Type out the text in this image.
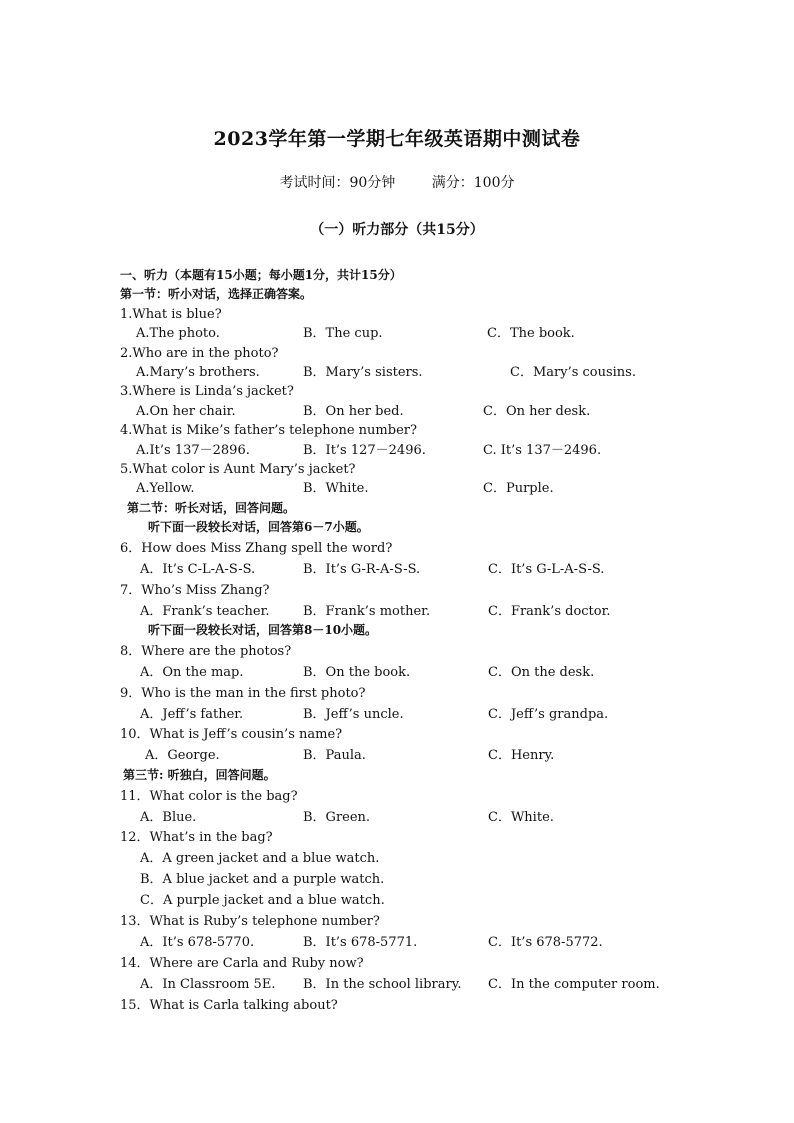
2023学年第一学期七年级英语期中测试卷
考试时间：90分钟	满分：100分
（一）听力部分（共15分）
一、听力（本题有15小题；每小题1分，共计15分）
第一节：听小对话，选择正确答案。
1.What is blue?
A.The photo.	B．The cup.	C．The book.
2.Who are in the photo?
A.Mary’s brothers.	B．Mary’s sisters.	C．Mary’s cousins.
3.Where is Linda’s jacket?
A.On her chair.	B．On her bed.	C．On her desk.
4.What is Mike’s father’s telephone number?
A.It’s 137－2896.	B．It’s 127－2496.	C. It’s 137－2496.
5.What color is Aunt Mary’s jacket?
A.Yellow.	B．White.	C．Purple.
第二节：听长对话，回答问题。
听下面一段较长对话，回答第6－7小题。
6．How does Miss Zhang spell the word?
A．It’s C-L-A-S-S.	B．It’s G-R-A-S-S.	C．It’s G-L-A-S-S.
7．Who’s Miss Zhang?
A．Frank’s teacher.	B．Frank’s mother.	C．Frank’s doctor.
听下面一段较长对话，回答第8－10小题。
8．Where are the photos?
A．On the map.	B．On the book.	C．On the desk.
9．Who is the man in the first photo?
A．Jeff’s father.	B．Jeff’s uncle.	C．Jeff’s grandpa.
10．What is Jeff’s cousin’s name?
A．George.	B．Paula.	C．Henry.
第三节: 听独白，回答问题。
11．What color is the bag?
A．Blue.	B．Green.	C．White.
12．What’s in the bag?
A．A green jacket and a blue watch.
B．A blue jacket and a purple watch.
C．A purple jacket and a blue watch.
13．What is Ruby’s telephone number?
A．It’s 678-5770.	B．It’s 678-5771.	C．It’s 678-5772.
14．Where are Carla and Ruby now?
A．In Classroom 5E. B．In the school library. C．In the computer room.
15．What is Carla talking about?
